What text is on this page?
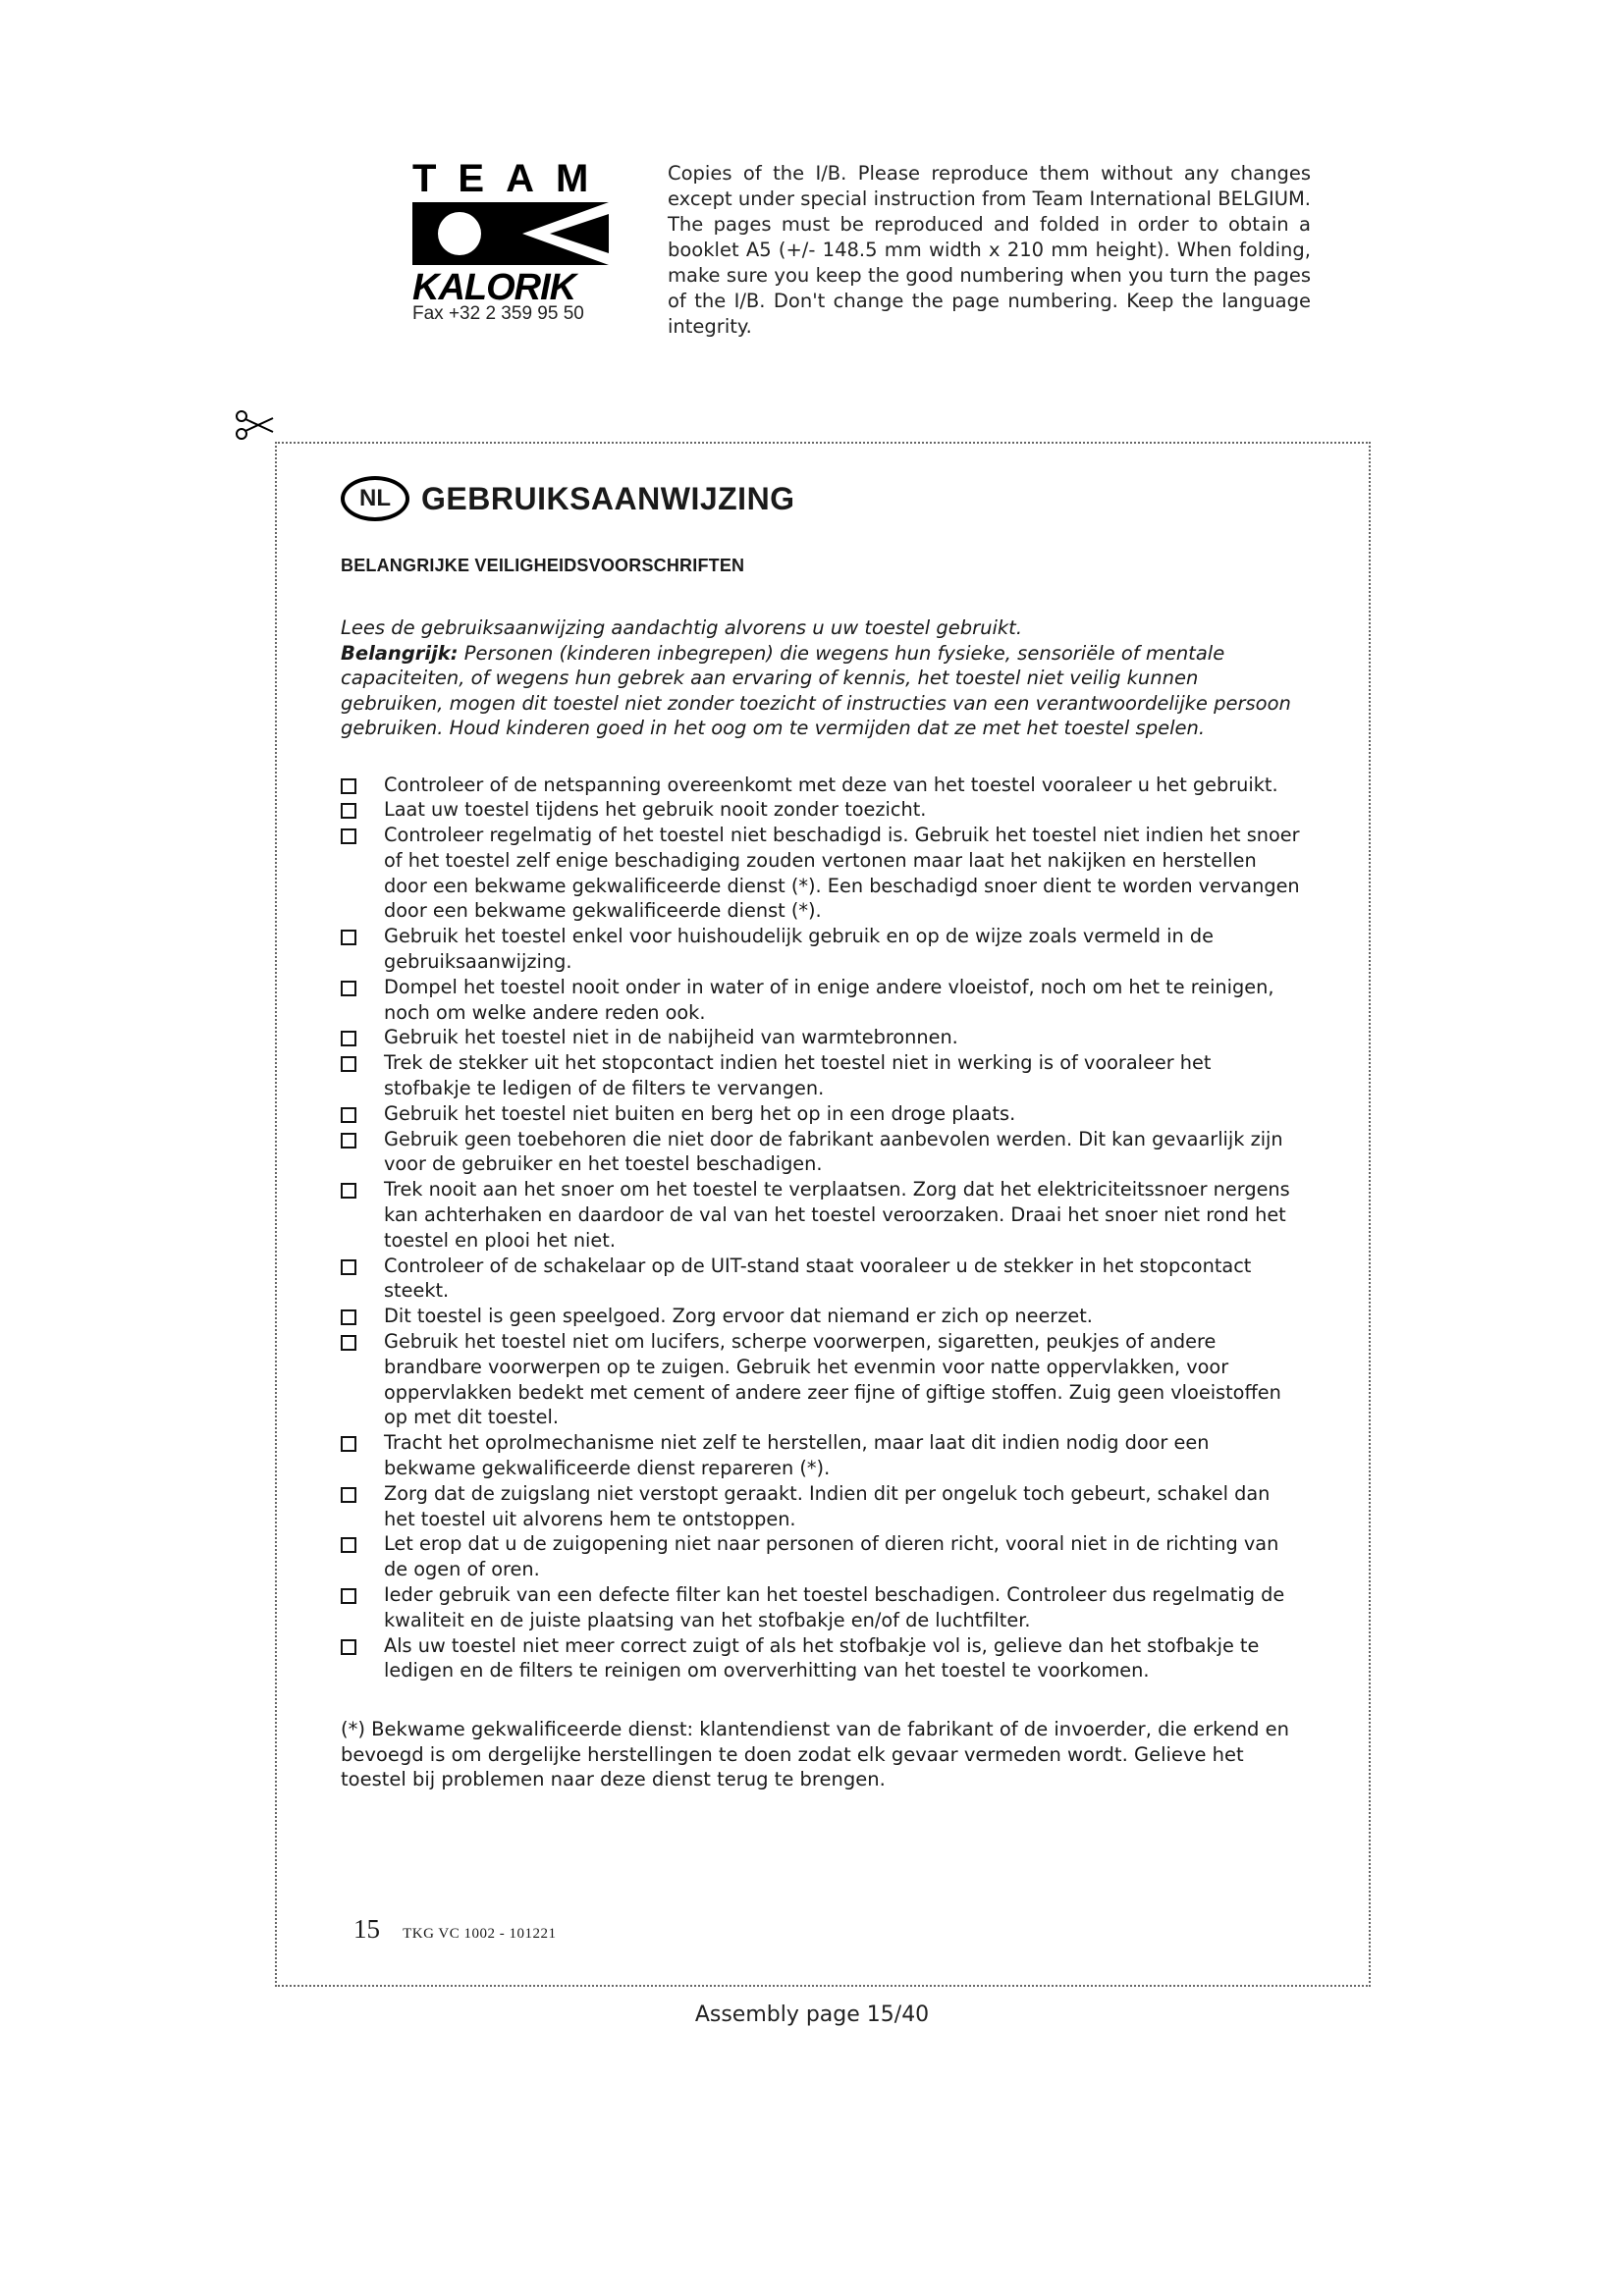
TEAM
KALORIK
Fax +32 2 359 95 50
Copies of the I/B. Please reproduce them without any changes except under special instruction from Team International BELGIUM. The pages must be reproduced and folded in order to obtain a booklet A5 (+/- 148.5 mm width x 210 mm height). When folding, make sure you keep the good numbering when you turn the pages of the I/B. Don't change the page numbering. Keep the language integrity.
NL GEBRUIKSAANWIJZING
BELANGRIJKE VEILIGHEIDSVOORSCHRIFTEN

Lees de gebruiksaanwijzing aandachtig alvorens u uw toestel gebruikt.

Belangrijk: Personen (kinderen inbegrepen) die wegens hun fysieke, sensoriële of mentale capaciteiten, of wegens hun gebrek aan ervaring of kennis, het toestel niet veilig kunnen gebruiken, mogen dit toestel niet zonder toezicht of instructies van een verantwoordelijke persoon gebruiken. Houd kinderen goed in het oog om te vermijden dat ze met het toestel spelen.

Controleer of de netspanning overeenkomt met deze van het toestel vooraleer u het gebruikt.
Laat uw toestel tijdens het gebruik nooit zonder toezicht.
Controleer regelmatig of het toestel niet beschadigd is. Gebruik het toestel niet indien het snoer of het toestel zelf enige beschadiging zouden vertonen maar laat het nakijken en herstellen door een bekwame gekwalificeerde dienst (*). Een beschadigd snoer dient te worden vervangen door een bekwame gekwalificeerde dienst (*).
Gebruik het toestel enkel voor huishoudelijk gebruik en op de wijze zoals vermeld in de gebruiksaanwijzing.
Dompel het toestel nooit onder in water of in enige andere vloeistof, noch om het te reinigen, noch om welke andere reden ook.
Gebruik het toestel niet in de nabijheid van warmtebronnen.
Trek de stekker uit het stopcontact indien het toestel niet in werking is of vooraleer het stofbakje te ledigen of de filters te vervangen.
Gebruik het toestel niet buiten en berg het op in een droge plaats.
Gebruik geen toebehoren die niet door de fabrikant aanbevolen werden. Dit kan gevaarlijk zijn voor de gebruiker en het toestel beschadigen.
Trek nooit aan het snoer om het toestel te verplaatsen. Zorg dat het elektriciteitssnoer nergens kan achterhaken en daardoor de val van het toestel veroorzaken. Draai het snoer niet rond het toestel en plooi het niet.
Controleer of de schakelaar op de UIT-stand staat vooraleer u de stekker in het stopcontact steekt.
Dit toestel is geen speelgoed. Zorg ervoor dat niemand er zich op neerzet.
Gebruik het toestel niet om lucifers, scherpe voorwerpen, sigaretten, peukjes of andere brandbare voorwerpen op te zuigen. Gebruik het evenmin voor natte oppervlakken, voor oppervlakken bedekt met cement of andere zeer fijne of giftige stoffen. Zuig geen vloeistoffen op met dit toestel.
Tracht het oprolmechanisme niet zelf te herstellen, maar laat dit indien nodig door een bekwame gekwalificeerde dienst repareren (*).
Zorg dat de zuigslang niet verstopt geraakt. Indien dit per ongeluk toch gebeurt, schakel dan het toestel uit alvorens hem te ontstoppen.
Let erop dat u de zuigopening niet naar personen of dieren richt, vooral niet in de richting van de ogen of oren.
Ieder gebruik van een defecte filter kan het toestel beschadigen. Controleer dus regelmatig de kwaliteit en de juiste plaatsing van het stofbakje en/of de luchtfilter.
Als uw toestel niet meer correct zuigt of als het stofbakje vol is, gelieve dan het stofbakje te ledigen en de filters te reinigen om oververhitting van het toestel te voorkomen.
(*) Bekwame gekwalificeerde dienst: klantendienst van de fabrikant of de invoerder, die erkend en bevoegd is om dergelijke herstellingen te doen zodat elk gevaar vermeden wordt. Gelieve het toestel bij problemen naar deze dienst terug te brengen.
15 TKG VC 1002 - 101221
Assembly page 15/40
